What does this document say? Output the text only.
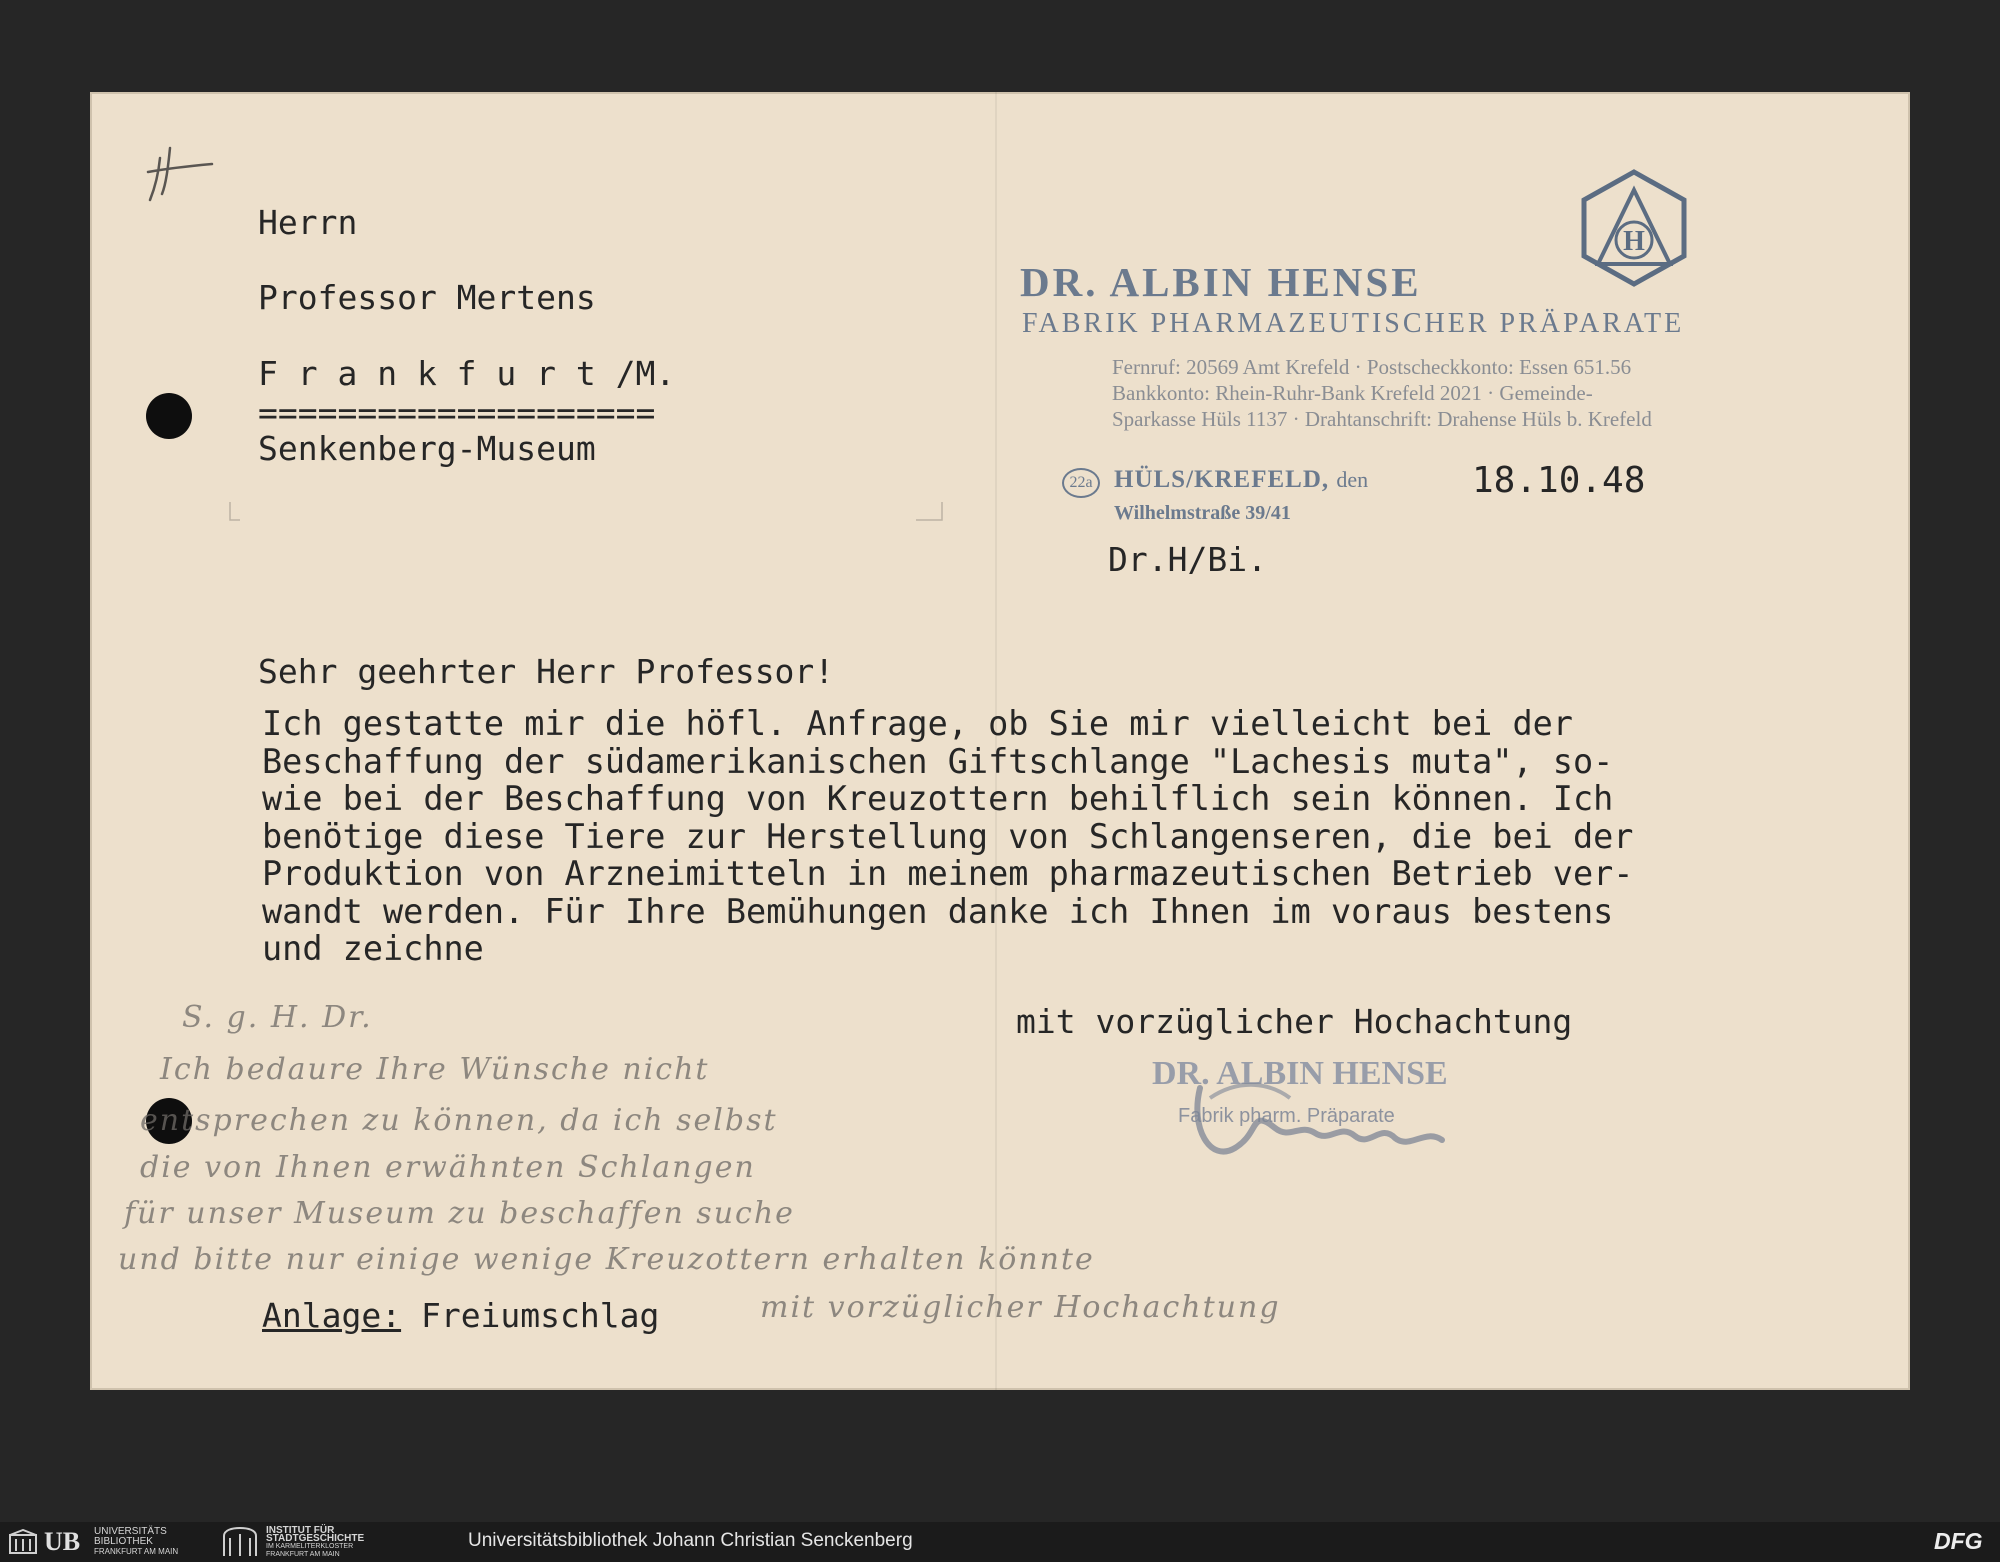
Herrn
Professor Mertens
F r a n k f u r t /M.
====================
Senkenberg-Museum
H
DR. ALBIN HENSE
FABRIK PHARMAZEUTISCHER PRÄPARATE
Fernruf: 20569 Amt Krefeld · Postscheckkonto: Essen 651.56
Bankkonto: Rhein-Ruhr-Bank Krefeld 2021 · Gemeinde-
Sparkasse Hüls 1137 · Drahtanschrift: Drahense Hüls b. Krefeld
22a HÜLS/KREFELD, den
Wilhelmstraße 39/41
18.10.48
Dr.H/Bi.
Sehr geehrter Herr Professor!
Ich gestatte mir die höfl. Anfrage, ob Sie mir vielleicht bei der
Beschaffung der südamerikanischen Giftschlange "Lachesis muta", so-
wie bei der Beschaffung von Kreuzottern behilflich sein können. Ich
benötige diese Tiere zur Herstellung von Schlangenseren, die bei der
Produktion von Arzneimitteln in meinem pharmazeutischen Betrieb ver-
wandt werden. Für Ihre Bemühungen danke ich Ihnen im voraus bestens
und zeichne
mit vorzüglicher Hochachtung
DR. ALBIN HENSE
Fabrik pharm. Präparate
S. g. H. Dr.
Ich bedaure Ihre Wünsche nicht
entsprechen zu können, da ich selbst
die von Ihnen erwähnten Schlangen
für unser Museum zu beschaffen suche
und bitte nur einige wenige Kreuzottern erhalten könnte
mit vorzüglicher Hochachtung
Anlage: Freiumschlag
UB	UNIVERSITÄTS
BIBLIOTHEK
FRANKFURT AM MAIN
INSTITUT FÜR
STADTGESCHICHTE
IM KARMELITERKLOSTER
FRANKFURT AM MAIN
Universitätsbibliothek Johann Christian Senckenberg	DFG
